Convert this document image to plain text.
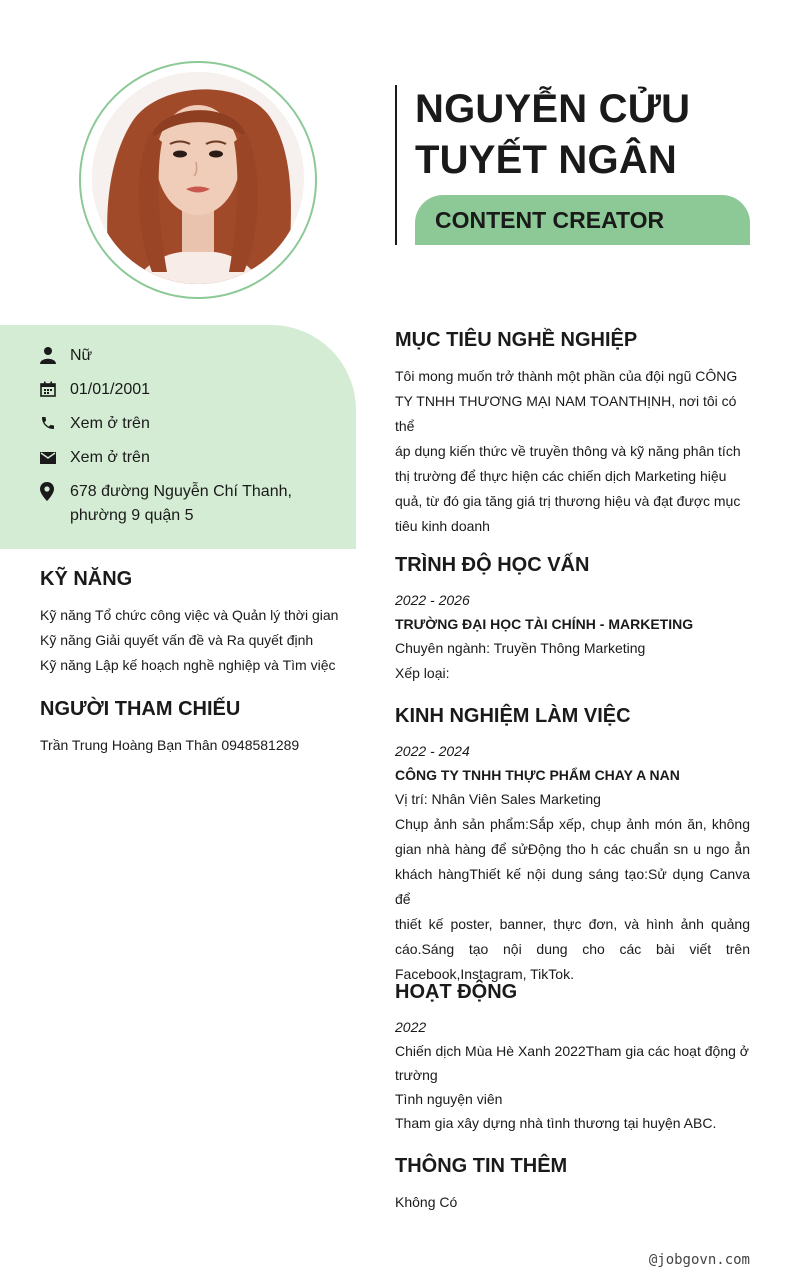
NGUYỄN CỬU
TUYẾT NGÂN
CONTENT CREATOR
Nữ
01/01/2001
Xem ở trên
Xem ở trên
678 đường Nguyễn Chí Thanh,
phường 9 quận 5
KỸ NĂNG
Kỹ năng Tổ chức công việc và Quản lý thời gian
Kỹ năng Giải quyết vấn đề và Ra quyết định
Kỹ năng Lập kế hoạch nghề nghiệp và Tìm việc
NGƯỜI THAM CHIẾU
Trần Trung Hoàng Bạn Thân 0948581289
MỤC TIÊU NGHỀ NGHIỆP
Tôi mong muốn trở thành một phần của đội ngũ CÔNG
TY TNHH THƯƠNG MẠI NAM TOANTHỊNH, nơi tôi có thể
áp dụng kiến thức về truyền thông và kỹ năng phân tích
thị trường để thực hiện các chiến dịch Marketing hiệu
quả, từ đó gia tăng giá trị thương hiệu và đạt được mục
tiêu kinh doanh
TRÌNH ĐỘ HỌC VẤN
2022 - 2026
TRƯỜNG ĐẠI HỌC TÀI CHÍNH - MARKETING
Chuyên ngành: Truyền Thông Marketing
Xếp loại:
KINH NGHIỆM LÀM VIỆC
2022 - 2024
CÔNG TY TNHH THỰC PHẨM CHAY A NAN
Vị trí: Nhân Viên Sales Marketing
Chụp ảnh sản phẩm:Sắp xếp, chụp ảnh món ăn, không
gian nhà hàng để sửĐộng tho h các chuẩn sn u ngo ẳn
khách hàngThiết kế nội dung sáng tạo:Sử dụng Canva để
thiết kế poster, banner, thực đơn, và hình ảnh quảng
cáo.Sáng tạo nội dung cho các bài viết trên
Facebook,Instagram, TikTok.
HOẠT ĐỘNG
2022
Chiến dịch Mùa Hè Xanh 2022Tham gia các hoạt động ở
trường
Tình nguyện viên
Tham gia xây dựng nhà tình thương tại huyện ABC.
THÔNG TIN THÊM
Không Có
@jobgovn.com
